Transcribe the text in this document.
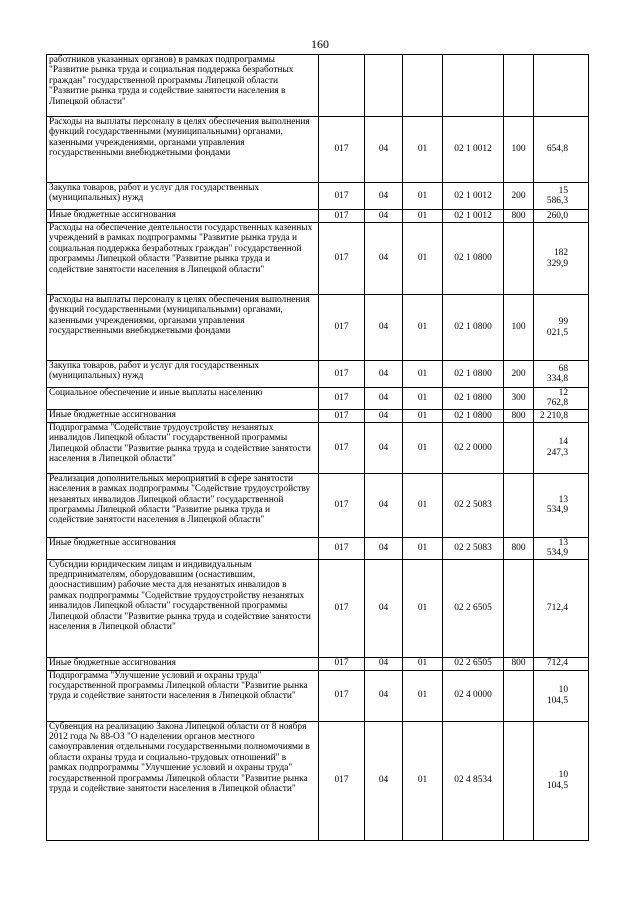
160
работников указанных органов) в рамках подпрограммы "Развитие рынка труда и социальная поддержка безработных граждан" государственной программы Липецкой области "Развитие рынка труда и содействие занятости населения в Липецкой области"						
Расходы на выплаты персоналу в целях обеспечения выполнения функций государственными (муниципальными) органами, казенными учреждениями, органами управления государственными внебюджетными фондами	017	04	01	02 1 0012	100	654,8
Закупка товаров, работ и услуг для государственных (муниципальных) нужд	017	04	01	02 1 0012	200	15 586,3
Иные бюджетные ассигнования	017	04	01	02 1 0012	800	260,0
Расходы на обеспечение деятельности государственных казенных учреждений в рамках подпрограммы "Развитие рынка труда и социальная поддержка безработных граждан" государственной программы Липецкой области "Развитие рынка труда и содействие занятости населения в Липецкой области"	017	04	01	02 1 0800		182 329,9
Расходы на выплаты персоналу в целях обеспечения выполнения функций государственными (муниципальными) органами, казенными учреждениями, органами управления государственными внебюджетными фондами	017	04	01	02 1 0800	100	99 021,5
Закупка товаров, работ и услуг для государственных (муниципальных) нужд	017	04	01	02 1 0800	200	68 334,8
Социальное обеспечение и иные выплаты населению	017	04	01	02 1 0800	300	12 762,8
Иные бюджетные ассигнования	017	04	01	02 1 0800	800	2 210,8
Подпрограмма "Содействие трудоустройству незанятых инвалидов Липецкой области" государственной программы Липецкой области "Развитие рынка труда и содействие занятости населения в Липецкой области"	017	04	01	02 2 0000		14 247,3
Реализация дополнительных мероприятий в сфере занятости населения в рамках подпрограммы "Содействие трудоустройству незанятых инвалидов Липецкой области" государственной программы Липецкой области "Развитие рынка труда и содействие занятости населения в Липецкой области"	017	04	01	02 2 5083		13 534,9
Иные бюджетные ассигнования	017	04	01	02 2 5083	800	13 534,9
Субсидии юридическим лицам и индивидуальным предпринимателям, оборудовавшим (оснастившим, дооснастившим) рабочие места для незанятых инвалидов в рамках подпрограммы "Содействие трудоустройству незанятых инвалидов Липецкой области" государственной программы Липецкой области "Развитие рынка труда и содействие занятости населения в Липецкой области"	017	04	01	02 2 6505		712,4
Иные бюджетные ассигнования	017	04	01	02 2 6505	800	712,4
Подпрограмма "Улучшение условий и охраны труда" государственной программы Липецкой области "Развитие рынка труда и содействие занятости населения в Липецкой области"	017	04	01	02 4 0000		10 104,5
Субвенция на реализацию Закона Липецкой области от 8 ноября 2012 года № 88-ОЗ "О наделении органов местного самоуправления отдельными государственными полномочиями в области охраны труда и социально-трудовых отношений" в рамках подпрограммы "Улучшение условий и охраны труда" государственной программы Липецкой области "Развитие рынка труда и содействие занятости населения в Липецкой области"	017	04	01	02 4 8534		10 104,5
